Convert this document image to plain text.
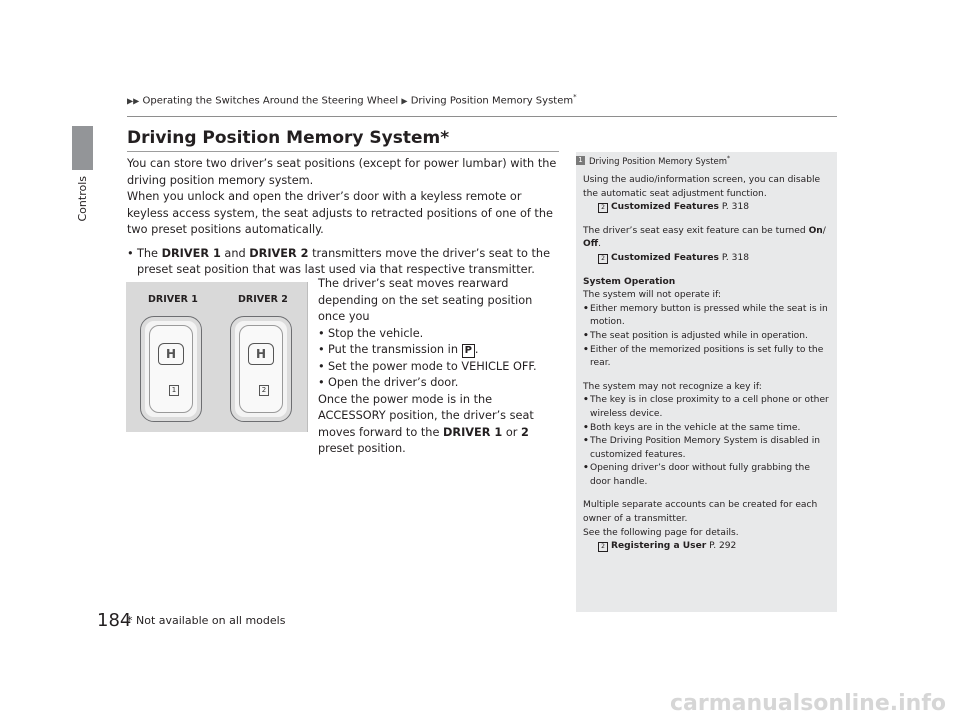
Controls
▶▶ Operating the Switches Around the Steering Wheel ▶ Driving Position Memory System*
Driving Position Memory System*

You can store two driver’s seat positions (except for power lumbar) with the driving position memory system.

When you unlock and open the driver’s door with a keyless remote or keyless access system, the seat adjusts to retracted positions of one of the two preset positions automatically.

• The DRIVER 1 and DRIVER 2 transmitters move the driver’s seat to the preset seat position that was last used via that respective transmitter.
DRIVER 1	DRIVER 2
H
1
H
2

The driver’s seat moves rearward depending on the set seating position once you

• Stop the vehicle.
• Put the transmission in P .
• Set the power mode to VEHICLE OFF.
• Open the driver’s door.

Once the power mode is in the ACCESSORY position, the driver’s seat moves forward to the DRIVER 1 or 2 preset position.

1 Driving Position Memory System*

Using the audio/information screen, you can disable the automatic seat adjustment function.

2 Customized Features P. 318

The driver’s seat easy exit feature can be turned On/
Off.

2 Customized Features P. 318

System Operation

The system will not operate if:

• Either memory button is pressed while the seat is in motion.
• The seat position is adjusted while in operation.
• Either of the memorized positions is set fully to the rear.

The system may not recognize a key if:

• The key is in close proximity to a cell phone or other wireless device.
• Both keys are in the vehicle at the same time.
• The Driving Position Memory System is disabled in customized features.
• Opening driver’s door without fully grabbing the door handle.

Multiple separate accounts can be created for each owner of a transmitter.

See the following page for details.

2 Registering a User P. 292

184
* Not available on all models
carmanualsonline.info
